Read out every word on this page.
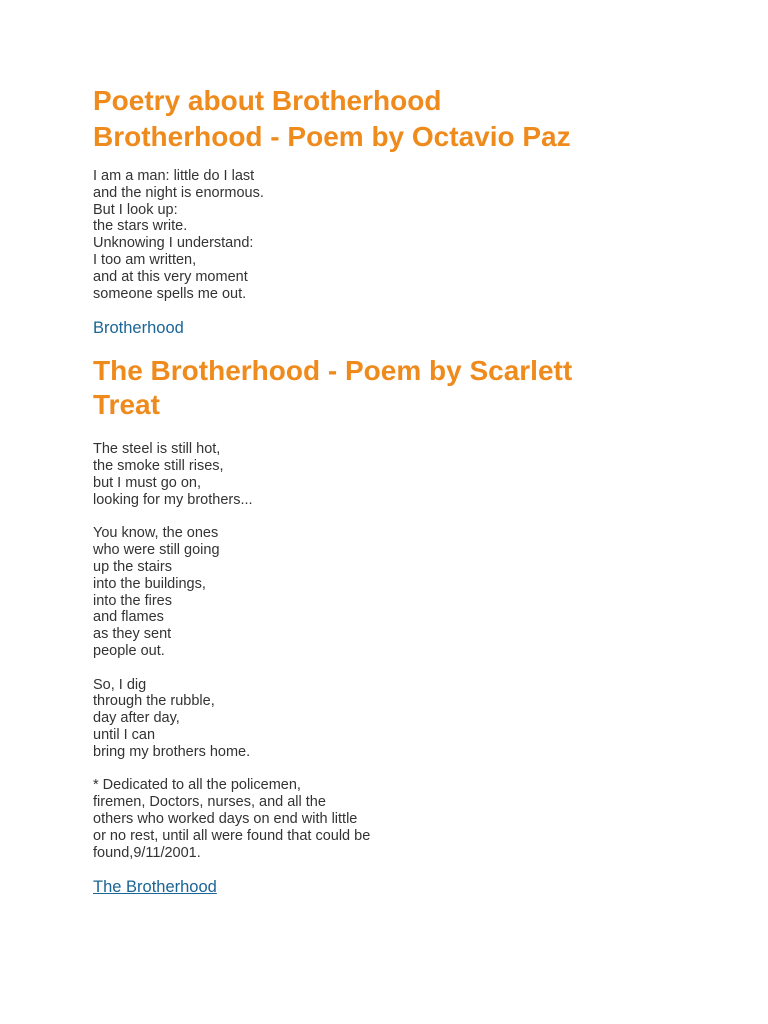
Poetry about Brotherhood
Brotherhood - Poem by Octavio Paz
I am a man: little do I last
and the night is enormous.
But I look up:
the stars write.
Unknowing I understand:
I too am written,
and at this very moment
someone spells me out.
Brotherhood
The Brotherhood - Poem by Scarlett
Treat
The steel is still hot,
the smoke still rises,
but I must go on,
looking for my brothers...
You know, the ones
who were still going
up the stairs
into the buildings,
into the fires
and flames
as they sent
people out.
So, I dig
through the rubble,
day after day,
until I can
bring my brothers home.
* Dedicated to all the policemen,
firemen, Doctors, nurses, and all the
others who worked days on end with little
or no rest, until all were found that could be
found,9/11/2001.
The Brotherhood
